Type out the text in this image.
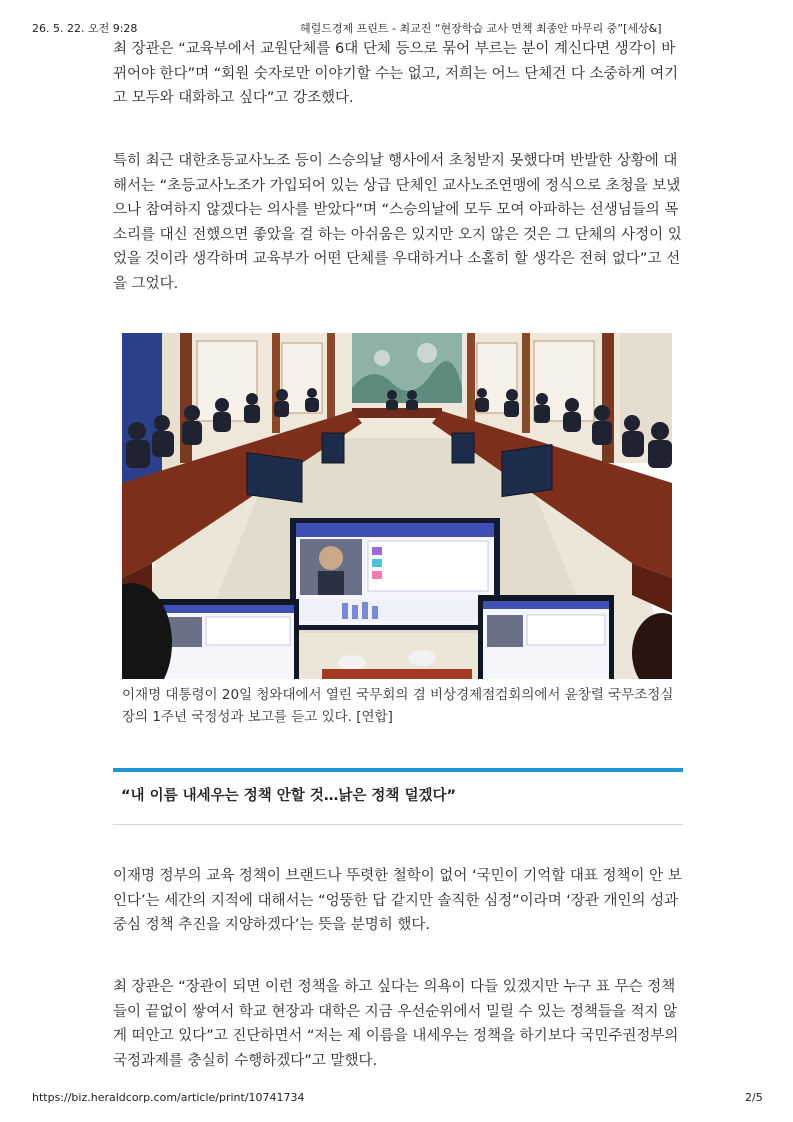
26. 5. 22. 오전 9:28	헤럴드경제 프린트 - 최교진 “현장학습 교사 면책 최종안 마무리 중”[세상&]

최 장관은 “교육부에서 교원단체를 6대 단체 등으로 묶어 부르는 분이 계신다면 생각이 바뀌어야 한다”며 “회원 숫자로만 이야기할 수는 없고, 저희는 어느 단체건 다 소중하게 여기고 모두와 대화하고 싶다”고 강조했다.

특히 최근 대한초등교사노조 등이 스승의날 행사에서 초청받지 못했다며 반발한 상황에 대해서는 “초등교사노조가 가입되어 있는 상급 단체인 교사노조연맹에 정식으로 초청을 보냈으나 참여하지 않겠다는 의사를 받았다”며 “스승의날에 모두 모여 아파하는 선생님들의 목소리를 대신 전했으면 좋았을 걸 하는 아쉬움은 있지만 오지 않은 것은 그 단체의 사정이 있었을 것이라 생각하며 교육부가 어떤 단체를 우대하거나 소홀히 할 생각은 전혀 없다”고 선을 그었다.

이재명 대통령이 20일 청와대에서 열린 국무회의 겸 비상경제점검회의에서 윤창렬 국무조정실장의 1주년 국정성과 보고를 듣고 있다. [연합]

“내 이름 내세우는 정책 안할 것…낡은 정책 덜겠다”

이재명 정부의 교육 정책이 브랜드나 뚜렷한 철학이 없어 ‘국민이 기억할 대표 정책이 안 보인다’는 세간의 지적에 대해서는 “엉뚱한 답 같지만 솔직한 심정”이라며 ‘장관 개인의 성과 중심 정책 추진을 지양하겠다’는 뜻을 분명히 했다.

최 장관은 “장관이 되면 이런 정책을 하고 싶다는 의욕이 다들 있겠지만 누구 표 무슨 정책들이 끝없이 쌓여서 학교 현장과 대학은 지금 우선순위에서 밀릴 수 있는 정책들을 적지 않게 떠안고 있다”고 진단하면서 “저는 제 이름을 내세우는 정책을 하기보다 국민주권정부의 국정과제를 충실히 수행하겠다”고 말했다.

https://biz.heraldcorp.com/article/print/10741734	2/5
